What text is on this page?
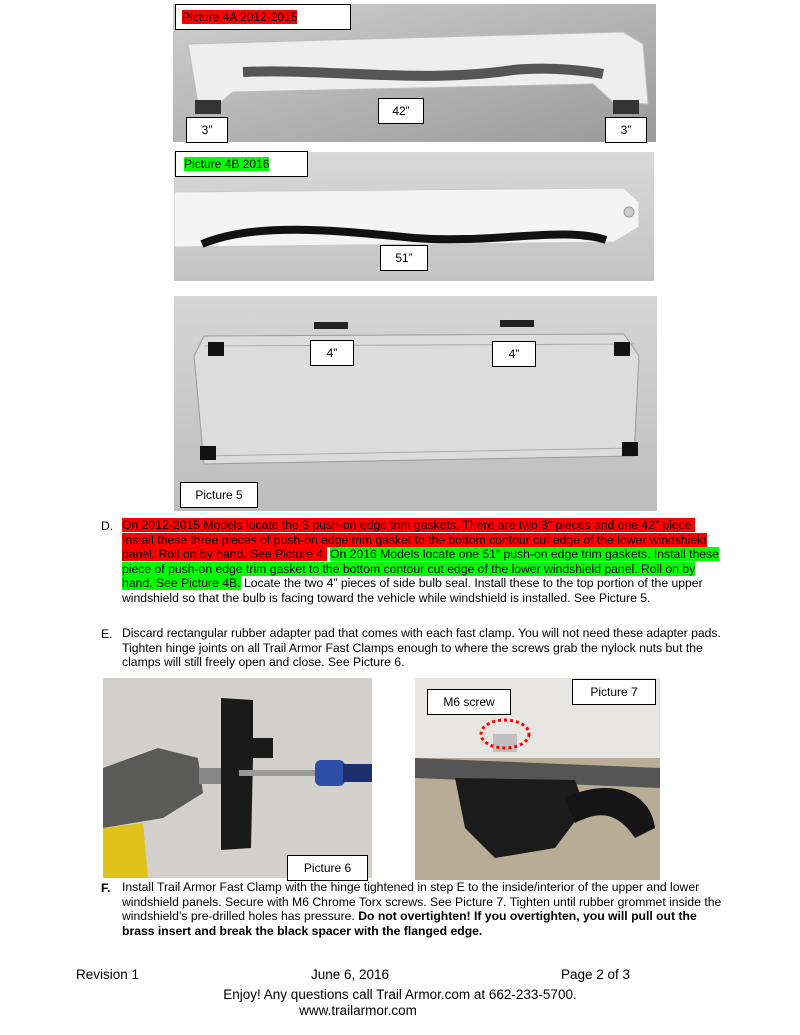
Picture 4A 2012-2015
42”
3”	3”
Picture 4B 2016
51”
4”	4”
Picture 5
D. On 2012-2015 Models locate the 3 push-on edge trim gaskets. There are two 3” pieces and one 42” piece. Install these three pieces of push-on edge trim gasket to the bottom contour cut edge of the lower windshield panel. Roll on by hand. See Picture 4. On 2016 Models locate one 51” push-on edge trim gaskets. Install these piece of push-on edge trim gasket to the bottom contour cut edge of the lower windshield panel. Roll on by hand. See Picture 4B. Locate the two 4” pieces of side bulb seal. Install these to the top portion of the upper windshield so that the bulb is facing toward the vehicle while windshield is installed. See Picture 5.
E. Discard rectangular rubber adapter pad that comes with each fast clamp. You will not need these adapter pads. Tighten hinge joints on all Trail Armor Fast Clamps enough to where the screws grab the nylock nuts but the clamps will still freely open and close. See Picture 6.
Picture 6
M6 screw
Picture 7
F. Install Trail Armor Fast Clamp with the hinge tightened in step E to the inside/interior of the upper and lower windshield panels. Secure with M6 Chrome Torx screws. See Picture 7. Tighten until rubber grommet inside the windshield’s pre-drilled holes has pressure. Do not overtighten! If you overtighten, you will pull out the brass insert and break the black spacer with the flanged edge.
Revision 1	June 6, 2016	Page 2 of 3
Enjoy! Any questions call Trail Armor.com at 662-233-5700.
www.trailarmor.com
